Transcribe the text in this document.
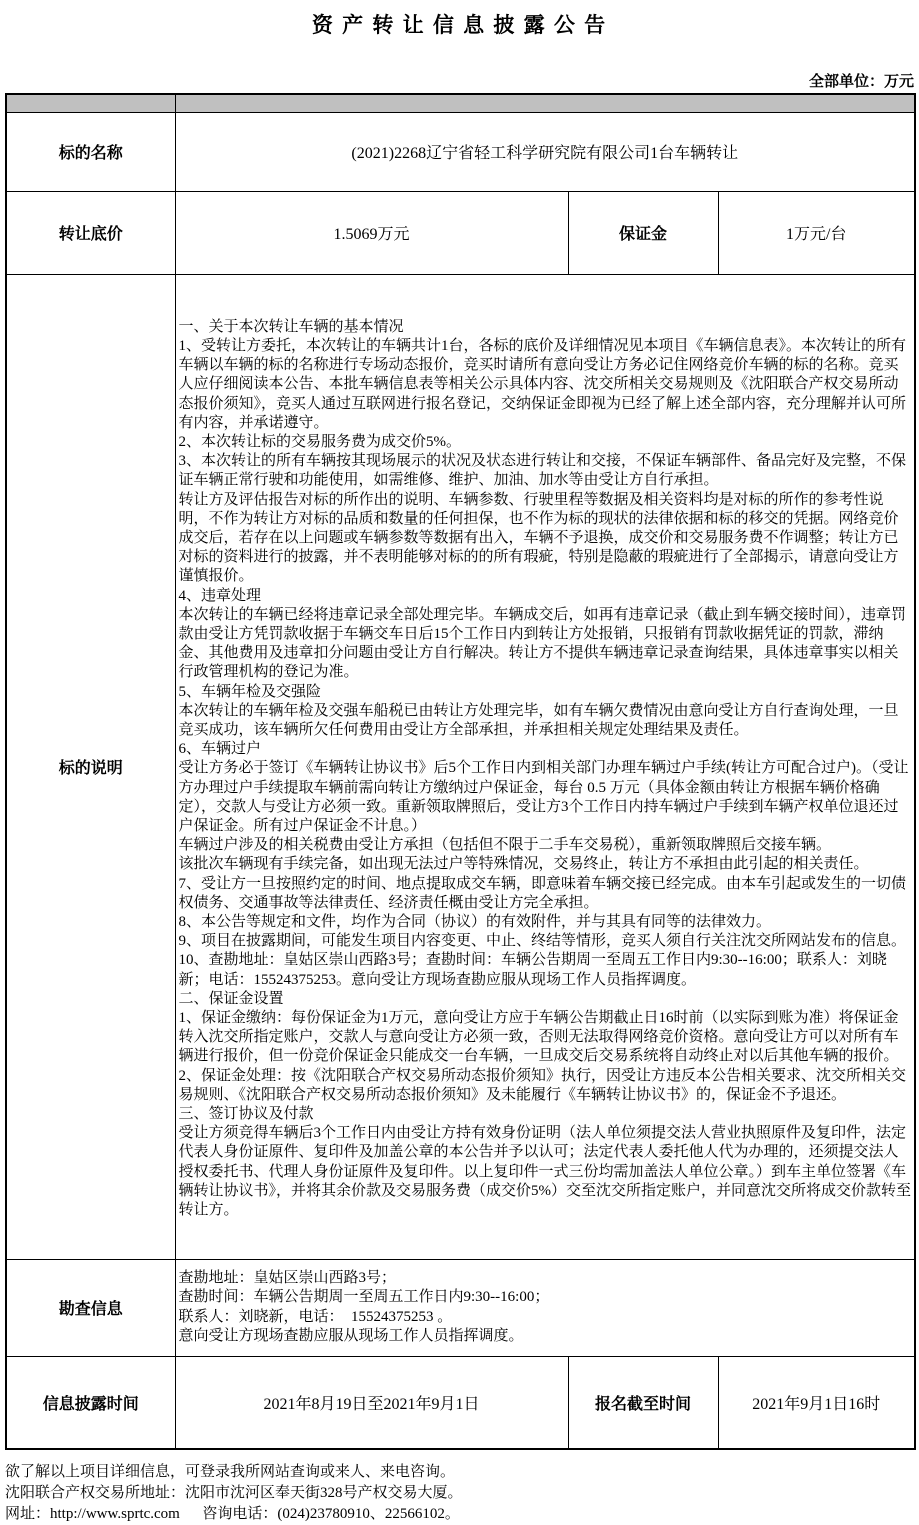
资 产 转 让 信 息 披 露 公 告
全部单位：万元

标的名称	(2021)2268辽宁省轻工科学研究院有限公司1台车辆转让		
转让底价	1.5069万元	保证金	1万元/台
标的说明	
一、关于本次转让车辆的基本情况
1、受转让方委托，本次转让的车辆共计1台，各标的底价及详细情况见本项目《车辆信息表》。本次转让的所有车辆以车辆的标的名称进行专场动态报价，竞买时请所有意向受让方务必记住网络竞价车辆的标的名称。竞买人应仔细阅读本公告、本批车辆信息表等相关公示具体内容、沈交所相关交易规则及《沈阳联合产权交易所动态报价须知》，竞买人通过互联网进行报名登记，交纳保证金即视为已经了解上述全部内容，充分理解并认可所有内容，并承诺遵守。
2、本次转让标的交易服务费为成交价5%。
3、本次转让的所有车辆按其现场展示的状况及状态进行转让和交接，不保证车辆部件、备品完好及完整，不保证车辆正常行驶和功能使用，如需维修、维护、加油、加水等由受让方自行承担。
转让方及评估报告对标的所作出的说明、车辆参数、行驶里程等数据及相关资料均是对标的所作的参考性说明，不作为转让方对标的品质和数量的任何担保，也不作为标的现状的法律依据和标的移交的凭据。网络竞价成交后，若存在以上问题或车辆参数等数据有出入，车辆不予退换，成交价和交易服务费不作调整；转让方已对标的资料进行的披露，并不表明能够对标的的所有瑕疵，特别是隐蔽的瑕疵进行了全部揭示，请意向受让方谨慎报价。
4、违章处理
本次转让的车辆已经将违章记录全部处理完毕。车辆成交后，如再有违章记录（截止到车辆交接时间），违章罚款由受让方凭罚款收据于车辆交车日后15个工作日内到转让方处报销，只报销有罚款收据凭证的罚款，滞纳金、其他费用及违章扣分问题由受让方自行解决。转让方不提供车辆违章记录查询结果，具体违章事实以相关行政管理机构的登记为准。
5、车辆年检及交强险
本次转让的车辆年检及交强车船税已由转让方处理完毕，如有车辆欠费情况由意向受让方自行查询处理，一旦竞买成功，该车辆所欠任何费用由受让方全部承担，并承担相关规定处理结果及责任。
6、车辆过户
受让方务必于签订《车辆转让协议书》后5个工作日内到相关部门办理车辆过户手续(转让方可配合过户)。（受让方办理过户手续提取车辆前需向转让方缴纳过户保证金，每台 0.5 万元（具体金额由转让方根据车辆价格确定），交款人与受让方必须一致。重新领取牌照后，受让方3个工作日内持车辆过户手续到车辆产权单位退还过户保证金。所有过户保证金不计息。）
车辆过户涉及的相关税费由受让方承担（包括但不限于二手车交易税），重新领取牌照后交接车辆。
该批次车辆现有手续完备，如出现无法过户等特殊情况，交易终止，转让方不承担由此引起的相关责任。
7、受让方一旦按照约定的时间、地点提取成交车辆，即意味着车辆交接已经完成。由本车引起或发生的一切债权债务、交通事故等法律责任、经济责任概由受让方完全承担。
8、本公告等规定和文件，均作为合同（协议）的有效附件，并与其具有同等的法律效力。
9、项目在披露期间，可能发生项目内容变更、中止、终结等情形，竞买人须自行关注沈交所网站发布的信息。
10、查勘地址：皇姑区崇山西路3号；查勘时间：车辆公告期周一至周五工作日内9:30--16:00；联系人：刘晓新；电话：15524375253。意向受让方现场查勘应服从现场工作人员指挥调度。
二、保证金设置
1、保证金缴纳：每份保证金为1万元，意向受让方应于车辆公告期截止日16时前（以实际到账为准）将保证金转入沈交所指定账户，交款人与意向受让方必须一致，否则无法取得网络竞价资格。意向受让方可以对所有车辆进行报价，但一份竞价保证金只能成交一台车辆，一旦成交后交易系统将自动终止对以后其他车辆的报价。
2、保证金处理：按《沈阳联合产权交易所动态报价须知》执行，因受让方违反本公告相关要求、沈交所相关交易规则、《沈阳联合产权交易所动态报价须知》及未能履行《车辆转让协议书》的，保证金不予退还。
三、签订协议及付款
受让方须竞得车辆后3个工作日内由受让方持有效身份证明（法人单位须提交法人营业执照原件及复印件，法定代表人身份证原件、复印件及加盖公章的本公告并予以认可；法定代表人委托他人代为办理的，还须提交法人授权委托书、代理人身份证原件及复印件。以上复印件一式三份均需加盖法人单位公章。）到车主单位签署《车辆转让协议书》，并将其余价款及交易服务费（成交价5%）交至沈交所指定账户，并同意沈交所将成交价款转至转让方。

勘查信息	查勘地址：皇姑区崇山西路3号；
查勘时间：车辆公告期周一至周五工作日内9:30--16:00；
联系人：刘晓新，电话：  15524375253 。
意向受让方现场查勘应服从现场工作人员指挥调度。		

信息披露时间	2021年8月19日至2021年9月1日	报名截至时间	2021年9月1日16时
欲了解以上项目详细信息，可登录我所网站查询或来人、来电咨询。
沈阳联合产权交易所地址：沈阳市沈河区奉天街328号产权交易大厦。
网址：http://www.sprtc.com      咨询电话：(024)23780910、22566102。
